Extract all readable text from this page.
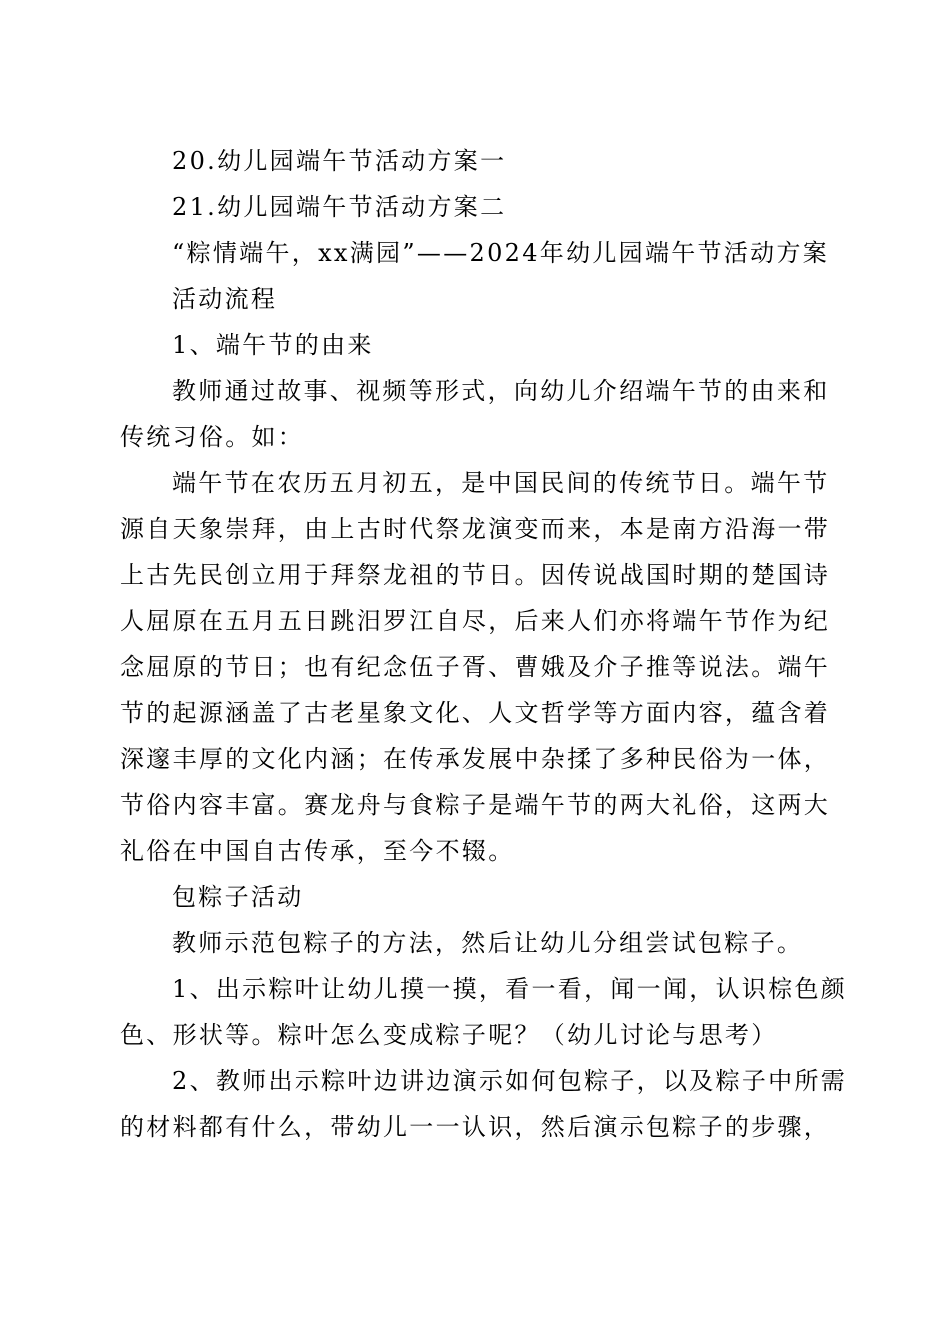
20.幼儿园端午节活动方案一
21.幼儿园端午节活动方案二
“粽情端午，xx满园”——2024年幼儿园端午节活动方案
活动流程
1、端午节的由来
教师通过故事、视频等形式，向幼儿介绍端午节的由来和
传统习俗。如：
端午节在农历五月初五，是中国民间的传统节日。端午节
源自天象崇拜，由上古时代祭龙演变而来，本是南方沿海一带
上古先民创立用于拜祭龙祖的节日。因传说战国时期的楚国诗
人屈原在五月五日跳汨罗江自尽，后来人们亦将端午节作为纪
念屈原的节日；也有纪念伍子胥、曹娥及介子推等说法。端午
节的起源涵盖了古老星象文化、人文哲学等方面内容，蕴含着
深邃丰厚的文化内涵；在传承发展中杂揉了多种民俗为一体，
节俗内容丰富。赛龙舟与食粽子是端午节的两大礼俗，这两大
礼俗在中国自古传承，至今不辍。
包粽子活动
教师示范包粽子的方法，然后让幼儿分组尝试包粽子。
1、出示粽叶让幼儿摸一摸，看一看，闻一闻，认识棕色颜
色、形状等。粽叶怎么变成粽子呢？（幼儿讨论与思考）
2、教师出示粽叶边讲边演示如何包粽子，以及粽子中所需
的材料都有什么，带幼儿一一认识，然后演示包粽子的步骤，
